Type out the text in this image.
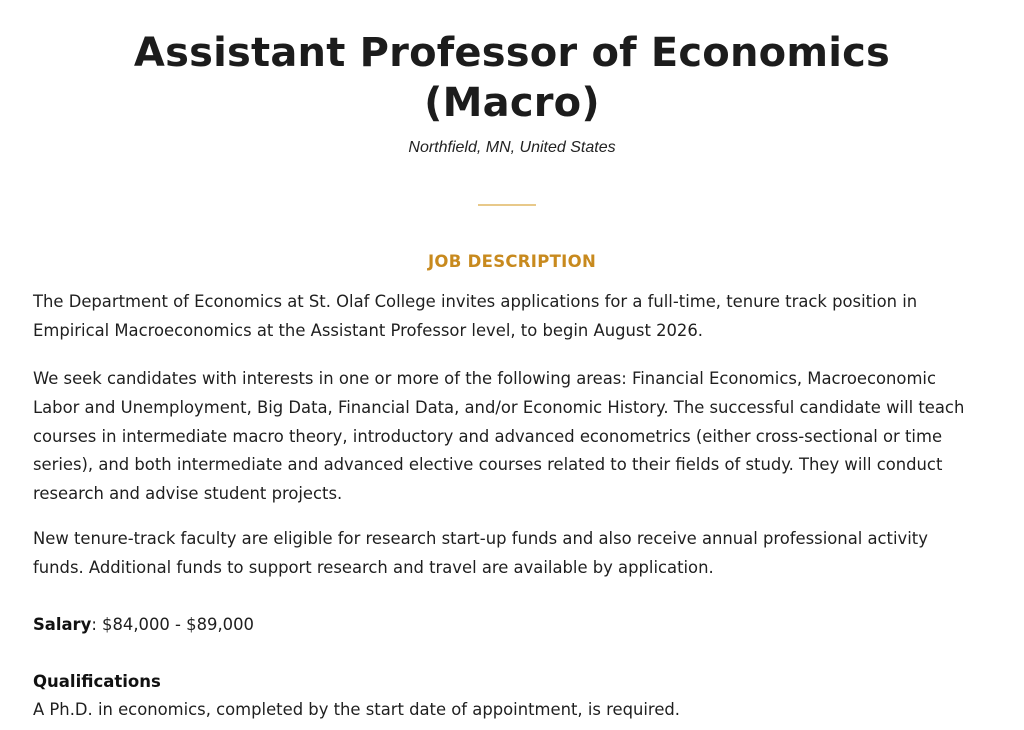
Assistant Professor of Economics (Macro)
Northfield, MN, United States
JOB DESCRIPTION

The Department of Economics at St. Olaf College invites applications for a full-time, tenure track position in Empirical Macroeconomics at the Assistant Professor level, to begin August 2026.

We seek candidates with interests in one or more of the following areas: Financial Economics, Macroeconomic Labor and Unemployment, Big Data, Financial Data, and/or Economic History. The successful candidate will teach courses in intermediate macro theory, introductory and advanced econometrics (either cross-sectional or time series), and both intermediate and advanced elective courses related to their fields of study. They will conduct research and advise student projects.

New tenure-track faculty are eligible for research start-up funds and also receive annual professional activity funds. Additional funds to support research and travel are available by application.

Salary: $84,000 - $89,000
Qualifications
A Ph.D. in economics, completed by the start date of appointment, is required.
